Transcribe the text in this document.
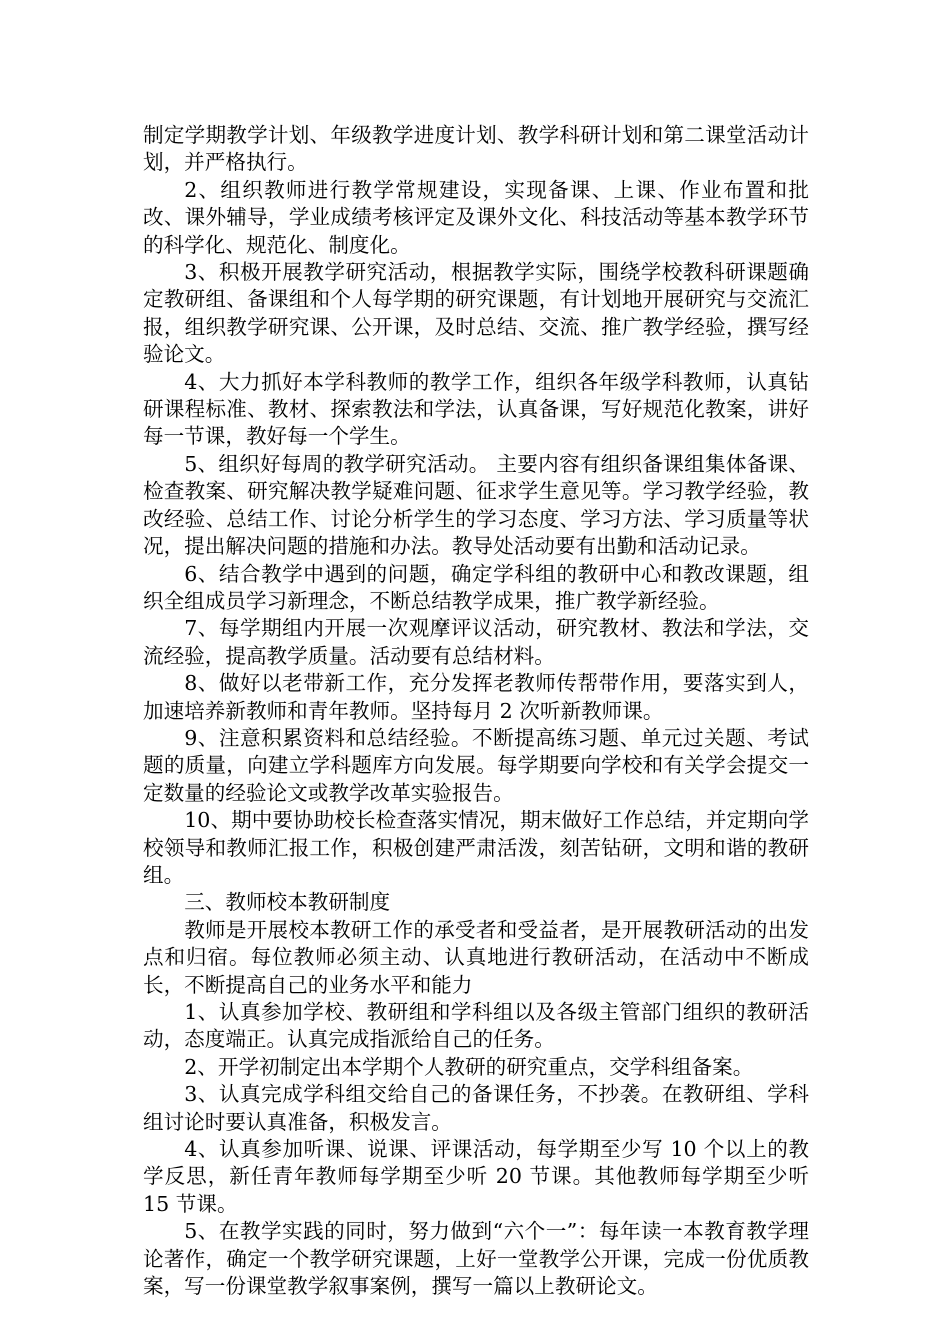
制定学期教学计划、年级教学进度计划、教学科研计划和第二课堂活动计划，并严格执行。

2、组织教师进行教学常规建设，实现备课、上课、作业布置和批改、课外辅导，学业成绩考核评定及课外文化、科技活动等基本教学环节的科学化、规范化、制度化。

3、积极开展教学研究活动，根据教学实际，围绕学校教科研课题确定教研组、备课组和个人每学期的研究课题，有计划地开展研究与交流汇报，组织教学研究课、公开课，及时总结、交流、推广教学经验，撰写经验论文。

4、大力抓好本学科教师的教学工作，组织各年级学科教师，认真钻研课程标准、教材、探索教法和学法，认真备课，写好规范化教案，讲好每一节课，教好每一个学生。

5、组织好每周的教学研究活动。 主要内容有组织备课组集体备课、检查教案、研究解决教学疑难问题、征求学生意见等。学习教学经验，教改经验、总结工作、讨论分析学生的学习态度、学习方法、学习质量等状况，提出解决问题的措施和办法。教导处活动要有出勤和活动记录。

6、结合教学中遇到的问题，确定学科组的教研中心和教改课题，组织全组成员学习新理念，不断总结教学成果，推广教学新经验。

7、每学期组内开展一次观摩评议活动，研究教材、教法和学法，交流经验，提高教学质量。活动要有总结材料。

8、做好以老带新工作，充分发挥老教师传帮带作用，要落实到人，加速培养新教师和青年教师。坚持每月 2 次听新教师课。

9、注意积累资料和总结经验。不断提高练习题、单元过关题、考试题的质量，向建立学科题库方向发展。每学期要向学校和有关学会提交一定数量的经验论文或教学改革实验报告。

10、期中要协助校长检查落实情况，期末做好工作总结，并定期向学校领导和教师汇报工作，积极创建严肃活泼，刻苦钻研，文明和谐的教研组。

三、教师校本教研制度

教师是开展校本教研工作的承受者和受益者，是开展教研活动的出发点和归宿。每位教师必须主动、认真地进行教研活动，在活动中不断成长，不断提高自己的业务水平和能力

1、认真参加学校、教研组和学科组以及各级主管部门组织的教研活动，态度端正。认真完成指派给自己的任务。

2、开学初制定出本学期个人教研的研究重点，交学科组备案。

3、认真完成学科组交给自己的备课任务，不抄袭。在教研组、学科组讨论时要认真准备，积极发言。

4、认真参加听课、说课、评课活动，每学期至少写 10 个以上的教学反思，新任青年教师每学期至少听 20 节课。其他教师每学期至少听 15 节课。

5、在教学实践的同时，努力做到“六个一”：每年读一本教育教学理论著作，确定一个教学研究课题，上好一堂教学公开课，完成一份优质教案，写一份课堂教学叙事案例，撰写一篇以上教研论文。
